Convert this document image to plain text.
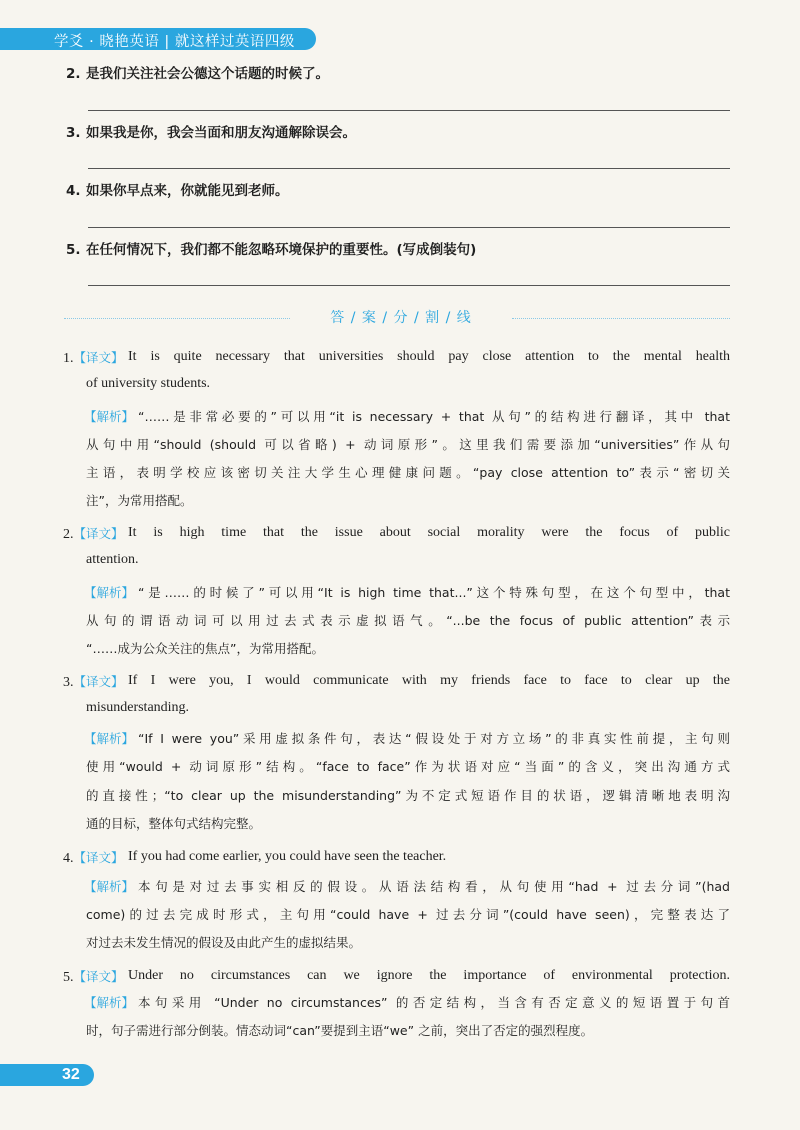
学爻 · 晓艳英语 | 就这样过英语四级
2. 是我们关注社会公德这个话题的时候了。
3. 如果我是你，我会当面和朋友沟通解除误会。
4. 如果你早点来，你就能见到老师。
5. 在任何情况下，我们都不能忽略环境保护的重要性。(写成倒装句)
答 / 案 / 分 / 割 / 线
1.【译文】 It is quite necessary that universities should pay close attention to the mental health
of university students.
【解析】 “……是非常必要的”可以用“it is necessary + that 从句”的结构进行翻译，其中 that
从句中用“should (should 可以省略) + 动词原形”。这里我们需要添加“universities”作从句
主语，表明学校应该密切关注大学生心理健康问题。“pay close attention to”表示“密切关
注”，为常用搭配。
2.【译文】 It is high time that the issue about social morality were the focus of public
attention.
【解析】 “是……的时候了”可以用“It is high time that...”这个特殊句型，在这个句型中，that
从句的谓语动词可以用过去式表示虚拟语气。“...be the focus of public attention”表示
“……成为公众关注的焦点”，为常用搭配。
3.【译文】 If I were you, I would communicate with my friends face to face to clear up the
misunderstanding.
【解析】 “If I were you”采用虚拟条件句，表达“假设处于对方立场”的非真实性前提，主句则
使用“would + 动词原形”结构。“face to face”作为状语对应“当面”的含义，突出沟通方式
的直接性；“to clear up the misunderstanding”为不定式短语作目的状语，逻辑清晰地表明沟
通的目标，整体句式结构完整。
4.【译文】 If you had come earlier, you could have seen the teacher.
【解析】 本句是对过去事实相反的假设。从语法结构看，从句使用“had + 过去分词”(had
come)的过去完成时形式，主句用“could have + 过去分词”(could have seen)，完整表达了
对过去未发生情况的假设及由此产生的虚拟结果。
5.【译文】 Under no circumstances can we ignore the importance of environmental protection.
【解析】 本句采用 “Under no circumstances” 的否定结构，当含有否定意义的短语置于句首
时，句子需进行部分倒装。情态动词“can”要提到主语“we” 之前，突出了否定的强烈程度。
32
